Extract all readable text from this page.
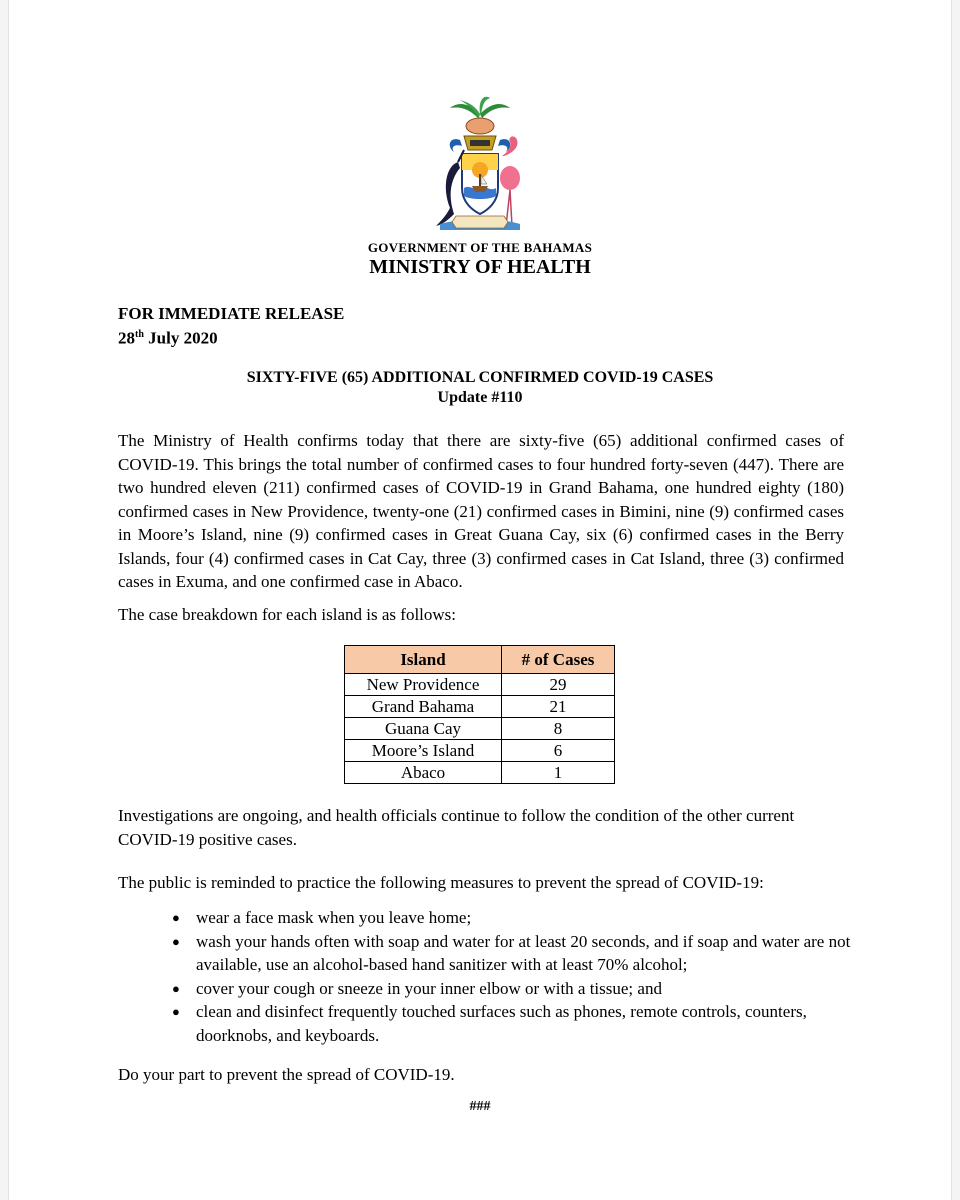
GOVERNMENT OF THE BAHAMAS
MINISTRY OF HEALTH
FOR IMMEDIATE RELEASE
28th July 2020
SIXTY-FIVE (65) ADDITIONAL CONFIRMED COVID-19 CASES
Update #110
The Ministry of Health confirms today that there are sixty-five (65) additional confirmed cases of COVID-19. This brings the total number of confirmed cases to four hundred forty-seven (447). There are two hundred eleven (211) confirmed cases of COVID-19 in Grand Bahama, one hundred eighty (180) confirmed cases in New Providence, twenty-one (21) confirmed cases in Bimini, nine (9) confirmed cases in Moore’s Island, nine (9) confirmed cases in Great Guana Cay, six (6) confirmed cases in the Berry Islands, four (4) confirmed cases in Cat Cay, three (3) confirmed cases in Cat Island, three (3) confirmed cases in Exuma, and one confirmed case in Abaco.
The case breakdown for each island is as follows:
Island	# of Cases
New Providence	29
Grand Bahama	21
Guana Cay	8
Moore’s Island	6
Abaco	1
Investigations are ongoing, and health officials continue to follow the condition of the other current COVID-19 positive cases.
The public is reminded to practice the following measures to prevent the spread of COVID-19:
● wear a face mask when you leave home;
● wash your hands often with soap and water for at least 20 seconds, and if soap and water are not available, use an alcohol-based hand sanitizer with at least 70% alcohol;
● cover your cough or sneeze in your inner elbow or with a tissue; and
● clean and disinfect frequently touched surfaces such as phones, remote controls, counters, doorknobs, and keyboards.
Do your part to prevent the spread of COVID-19.
###
